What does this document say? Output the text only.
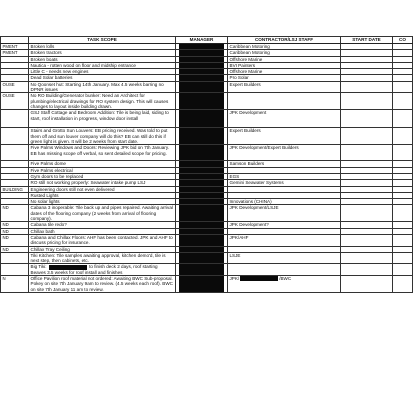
	TASK SCOPE	MANAGER	CONTRACTOR/LSJ STAFF	START DATE	CO
PMENT	Broken lolls		Caribbean Motoring		
PMENT	Broken tractors		Caribbean Motoring		
	Broken boats		Offshore Marine		
	Nautica - rotten wood on floor and midship entrance		BVI Painters		
	Little C - needs new engines		Offshore Marine		
	Dead Solar batteries		Pro Solar		
OUSE	No Qoonset hut: Starting 14th January. Max 4.5 weeks barring no DPNR issues		Expert Builders		
OUSE	No RO Building/Generator bunker: Need an Architect for plumbing/electrical drawings for RO system design. This will causes changes to layout inside building drawn.	

	GSJ Staff Cottage and Bedroom Addition: Tile is being laid, siding to start, roof installation in progress, window door install		JPK Development		
	Stairs and Grotto Sun Louvers: EB pricing received. Was told to put them off and sun louver company will do this? EB can still do this if green light is given. It will be 2 weeks from start date.		Expert Builders		
	Five Palms Windows and Doors: Reviewing JPK bid on 7th January. EB has missing scope off verbal, so sent detailed scope for pricing.		JPK Development/Expert Builders		
	Five Palms dome		Samson Builders		
	Five Palms electrical	

	Gym doors to be replaced		EGS		
	RO still not working properly: Seawater intake pump LSJ		Gemini Seawater Systems		
BUILDING	Engineering doors still not even delivered	

	Rusted Lights	

	No solar lights		Innovations (CHINA)		
ND	Cabana 3 inoperable: Tile back up and pipes repaired. Awaiting arrival dates of the flooring company (2 weeks from arrival of flooring company).		JPK Development/LSJE		
ND	Cabana tile redo?		JPK Development?		
ND	Chillax bath	

ND	Cabana and Chillax Floors: AHF has been contacted. JPK and AHF to discuss pricing for insurance.		JPK/AHF		
ND	Chillax Tray Ceiling	

	Tiki Kitchen: Tile samples awaiting approval, kitchen demo'd, tile is next step, then cabinets, etc.		LSJE		
	Big Tiki: to finish deck 2 days, roof starting Beaves 3.5 weeks for roof install and finishes	

N	Office Pavilion roof material not ordered: Awaiting BWC Sub-proposal. Pokey on site 7th January 9am to review. (4.5 weeks each roof). BWC on site 7th January 11 am to review.		JPK/ /BWC		
